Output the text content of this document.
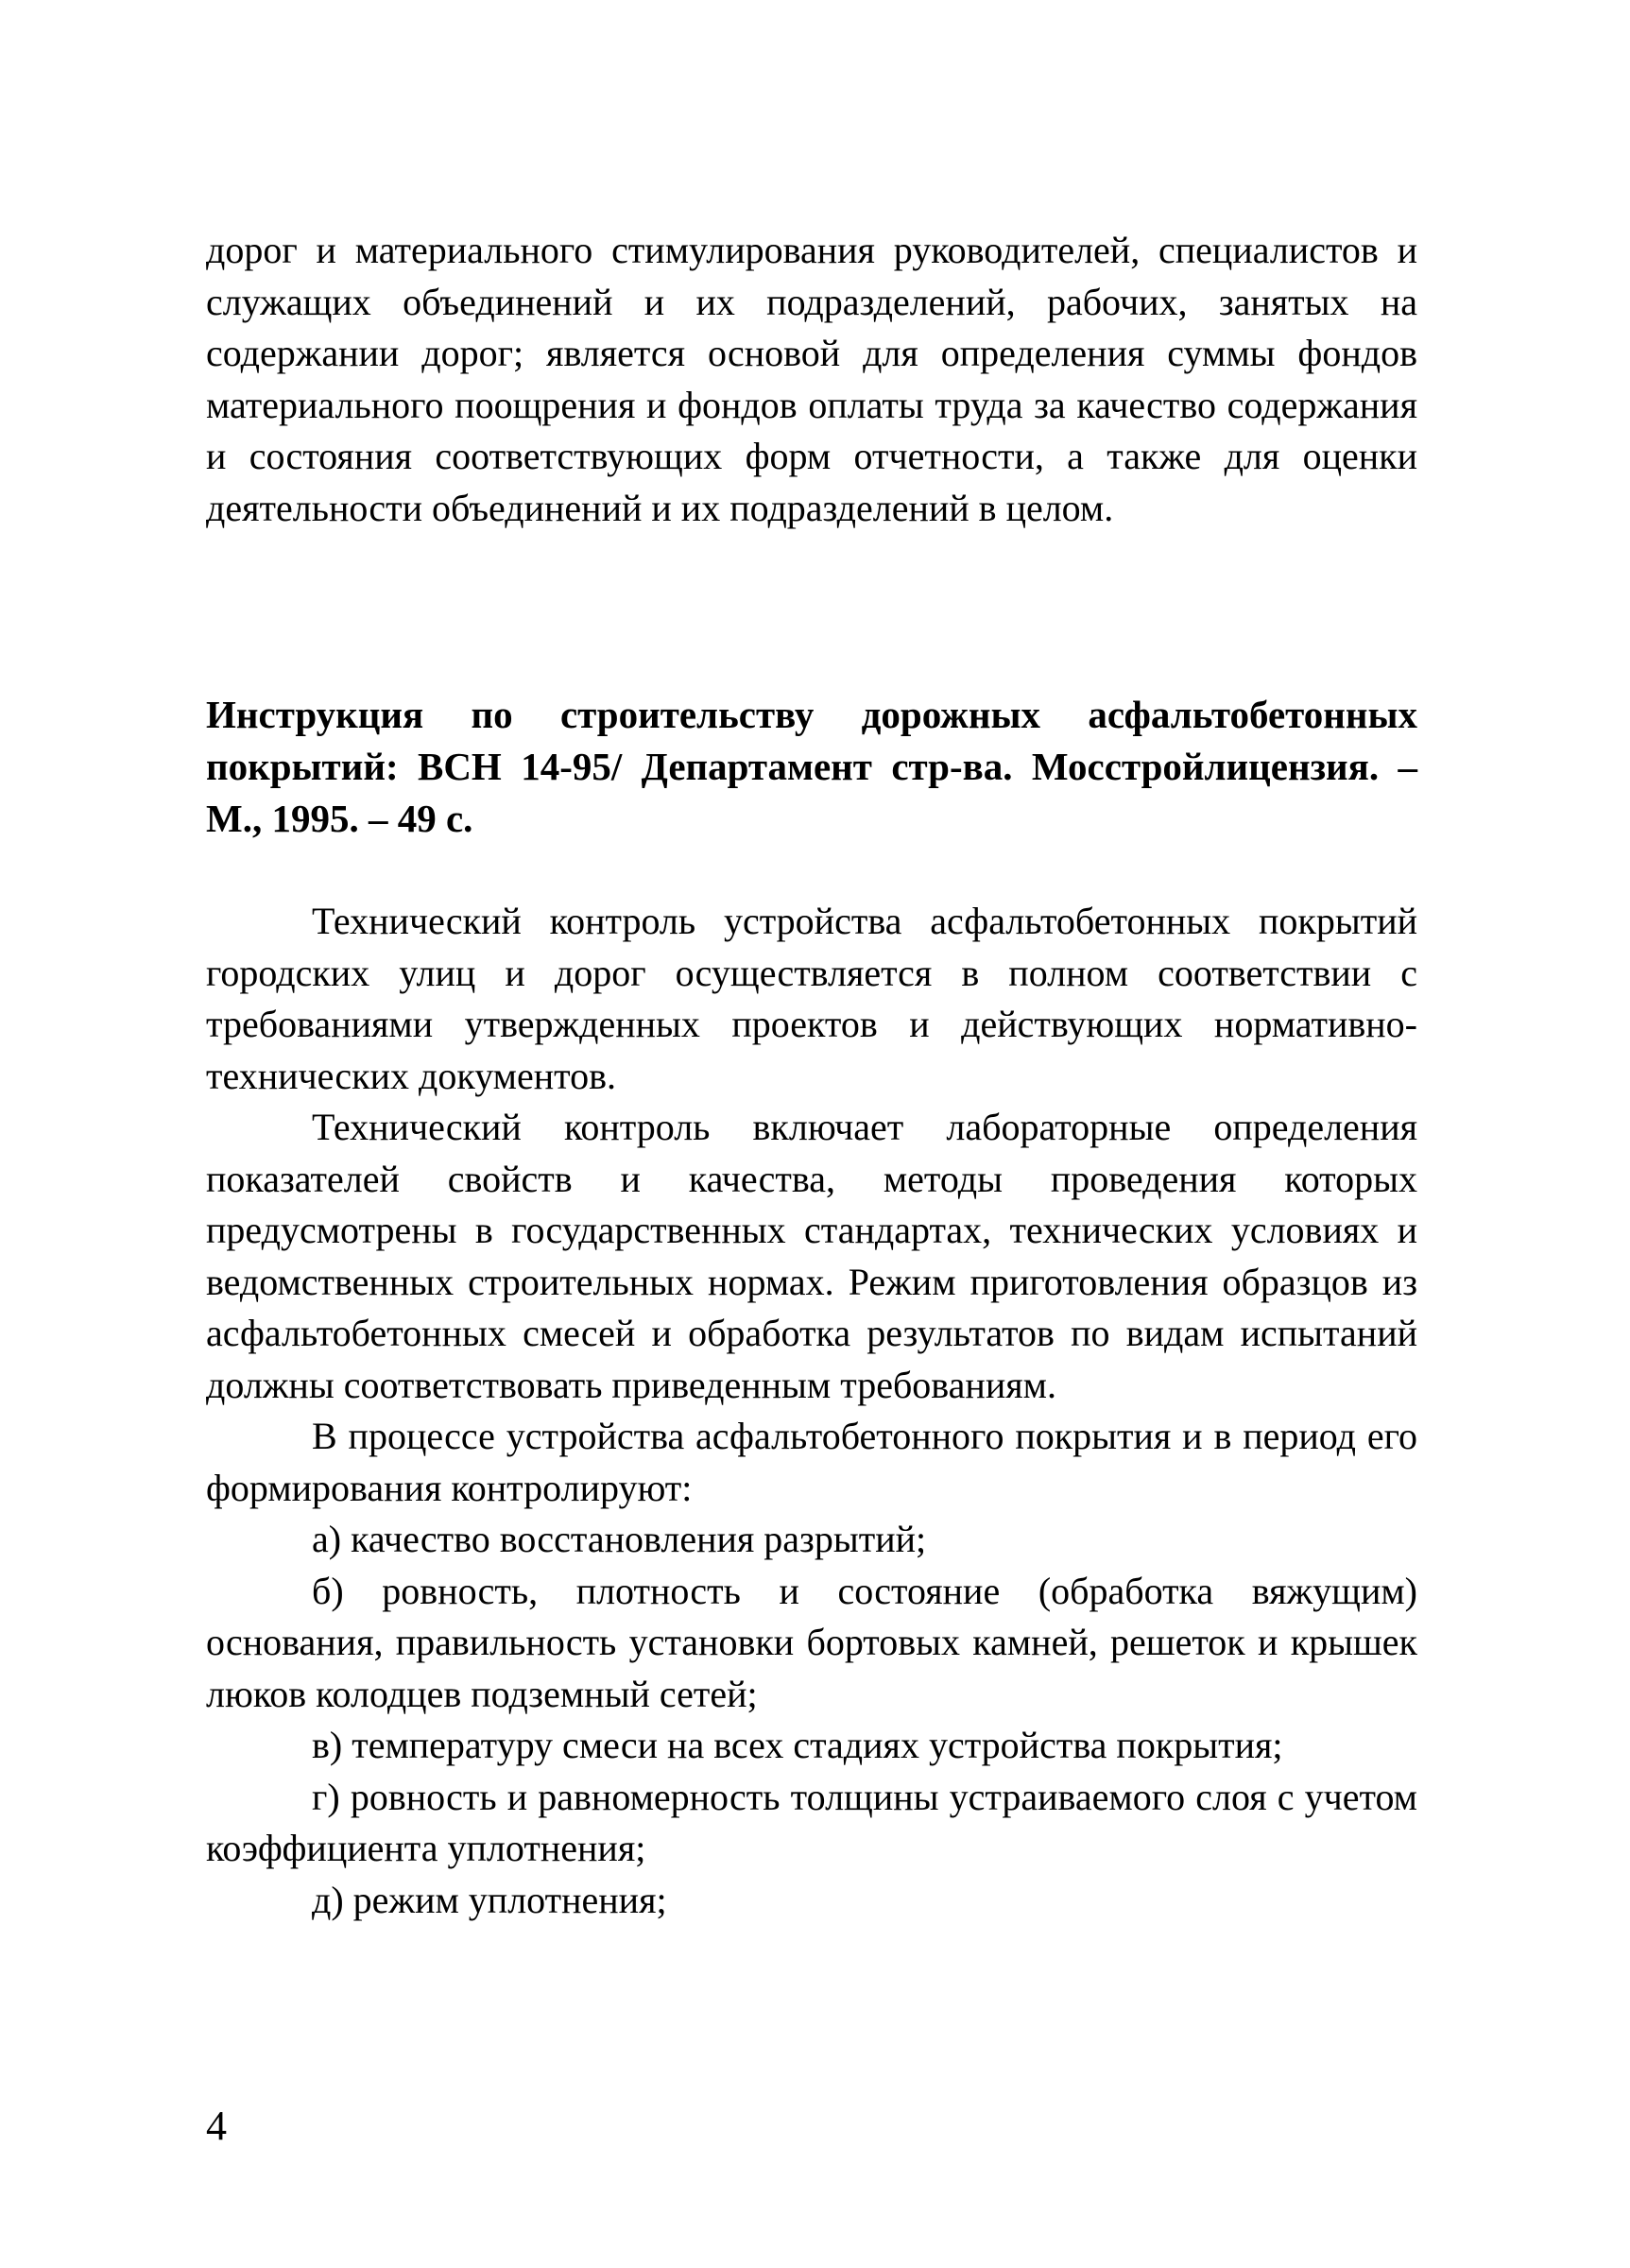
дорог и материального стимулирования руководителей, специалистов и служащих объединений и их подразделений, рабочих, занятых на содержании дорог; является основой для определения суммы фондов материального поощрения и фондов оплаты труда за качество содержания и состояния соответствующих форм отчетности, а также для оценки деятельности объединений и их подразделений в целом.

Инструкция по строительству дорожных асфальтобетонных покрытий: ВСН 14-95/ Департамент стр-ва. Мосстройлицензия. – М., 1995. – 49 с.

Технический контроль устройства асфальтобетонных покрытий городских улиц и дорог осуществляется в полном соответствии с требованиями утвержденных проектов и действующих нормативно-технических документов.

Технический контроль включает лабораторные определения показателей свойств и качества, методы проведения которых предусмотрены в государственных стандартах, технических условиях и ведомственных строительных нормах. Режим приготовления образцов из асфальтобетонных смесей и обработка результатов по видам испытаний должны соответствовать приведенным требованиям.

В процессе устройства асфальтобетонного покрытия и в период его формирования контролируют:

а) качество восстановления разрытий;

б) ровность, плотность и состояние (обработка вяжущим) основания, правильность установки бортовых камней, решеток и крышек люков колодцев подземный сетей;

в) температуру смеси на всех стадиях устройства покрытия;

г) ровность и равномерность толщины устраиваемого слоя с учетом коэффициента уплотнения;

д) режим уплотнения;

4
